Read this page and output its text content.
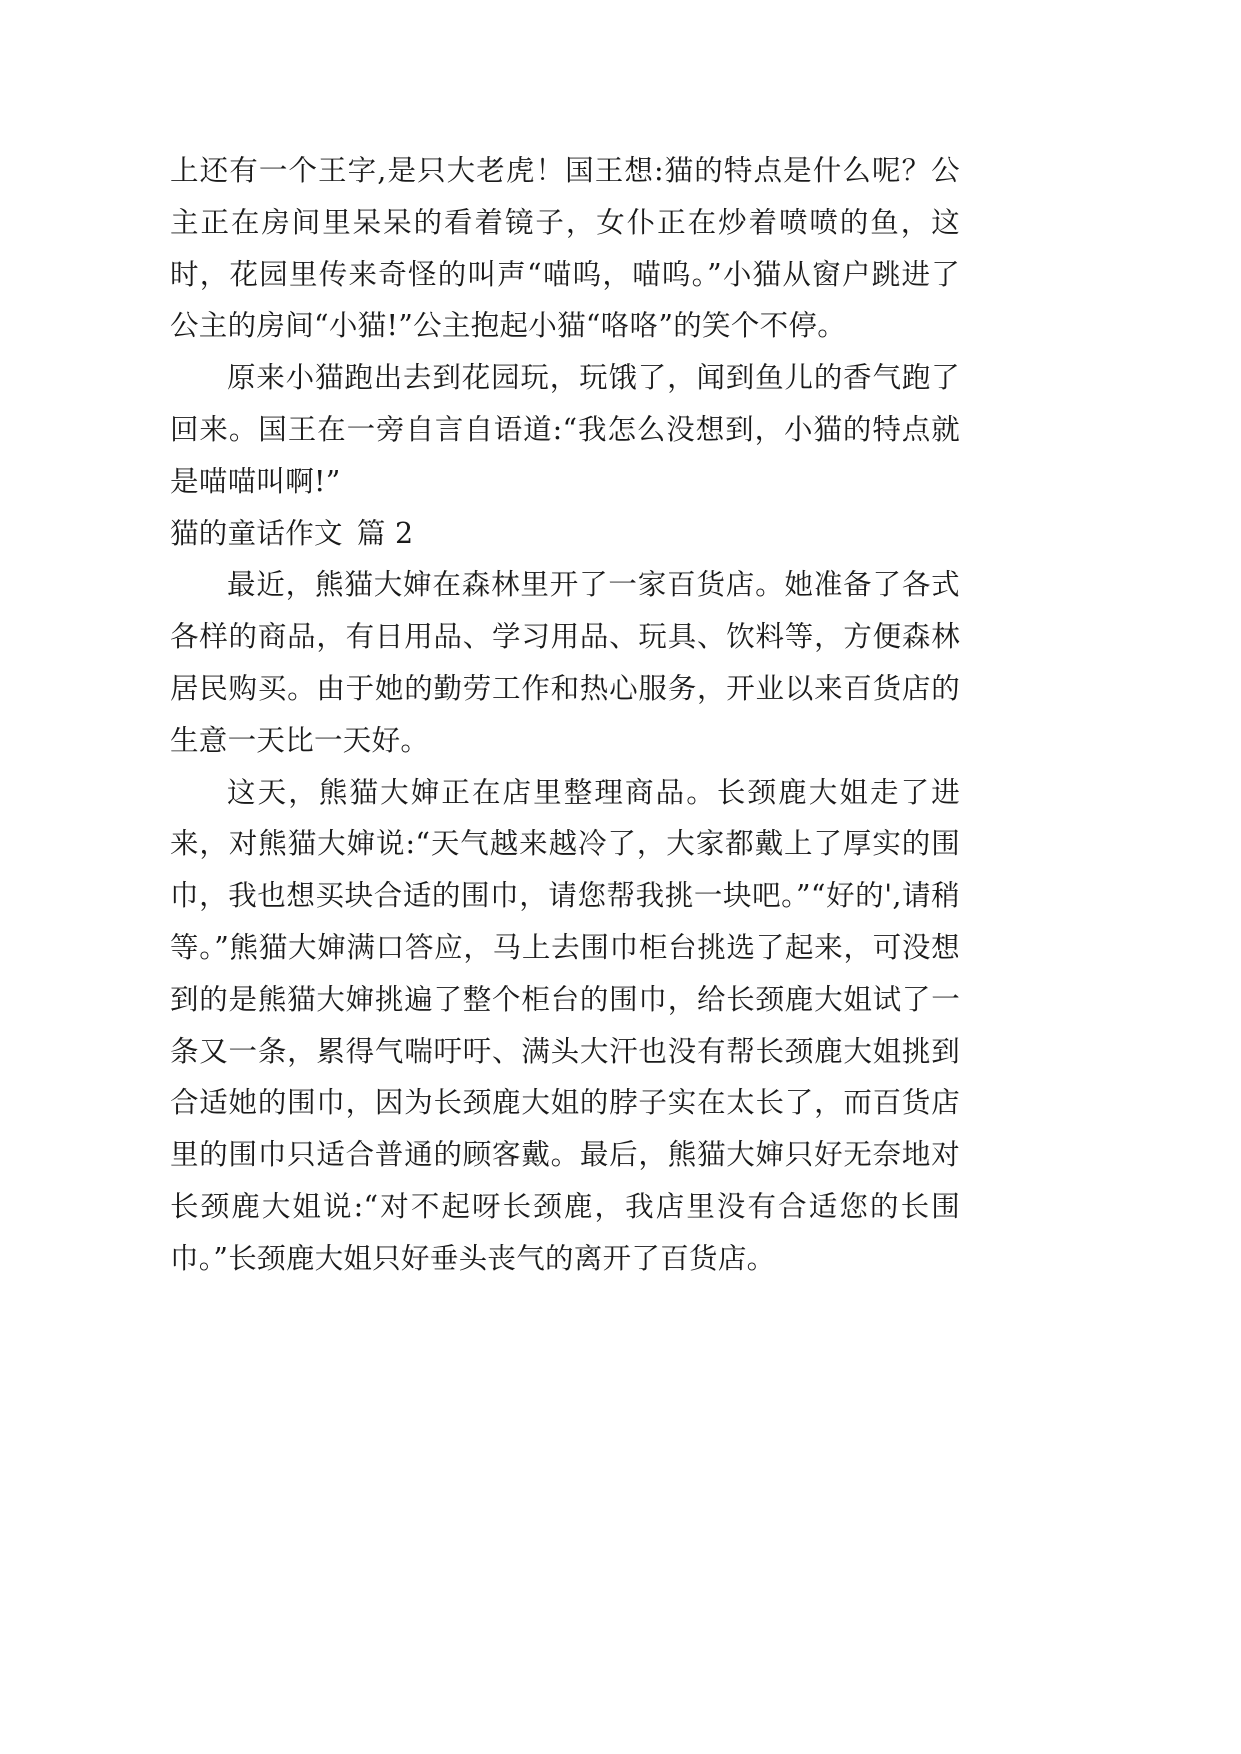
上还有一个王字,是只大老虎！国王想:猫的特点是什么呢？公主正在房间里呆呆的看着镜子，女仆正在炒着喷喷的鱼，这时，花园里传来奇怪的叫声“喵呜，喵呜。”小猫从窗户跳进了公主的房间“小猫!”公主抱起小猫“咯咯”的笑个不停。

原来小猫跑出去到花园玩，玩饿了，闻到鱼儿的香气跑了回来。国王在一旁自言自语道:“我怎么没想到，小猫的特点就是喵喵叫啊!”

猫的童话作文 篇 2

最近，熊猫大婶在森林里开了一家百货店。她准备了各式各样的商品，有日用品、学习用品、玩具、饮料等，方便森林居民购买。由于她的勤劳工作和热心服务，开业以来百货店的生意一天比一天好。

这天，熊猫大婶正在店里整理商品。长颈鹿大姐走了进来，对熊猫大婶说:“天气越来越冷了，大家都戴上了厚实的围巾，我也想买块合适的围巾，请您帮我挑一块吧。”“好的',请稍等。”熊猫大婶满口答应，马上去围巾柜台挑选了起来，可没想到的是熊猫大婶挑遍了整个柜台的围巾，给长颈鹿大姐试了一条又一条，累得气喘吁吁、满头大汗也没有帮长颈鹿大姐挑到合适她的围巾，因为长颈鹿大姐的脖子实在太长了，而百货店里的围巾只适合普通的顾客戴。最后，熊猫大婶只好无奈地对长颈鹿大姐说:“对不起呀长颈鹿，我店里没有合适您的长围巾。”长颈鹿大姐只好垂头丧气的离开了百货店。
